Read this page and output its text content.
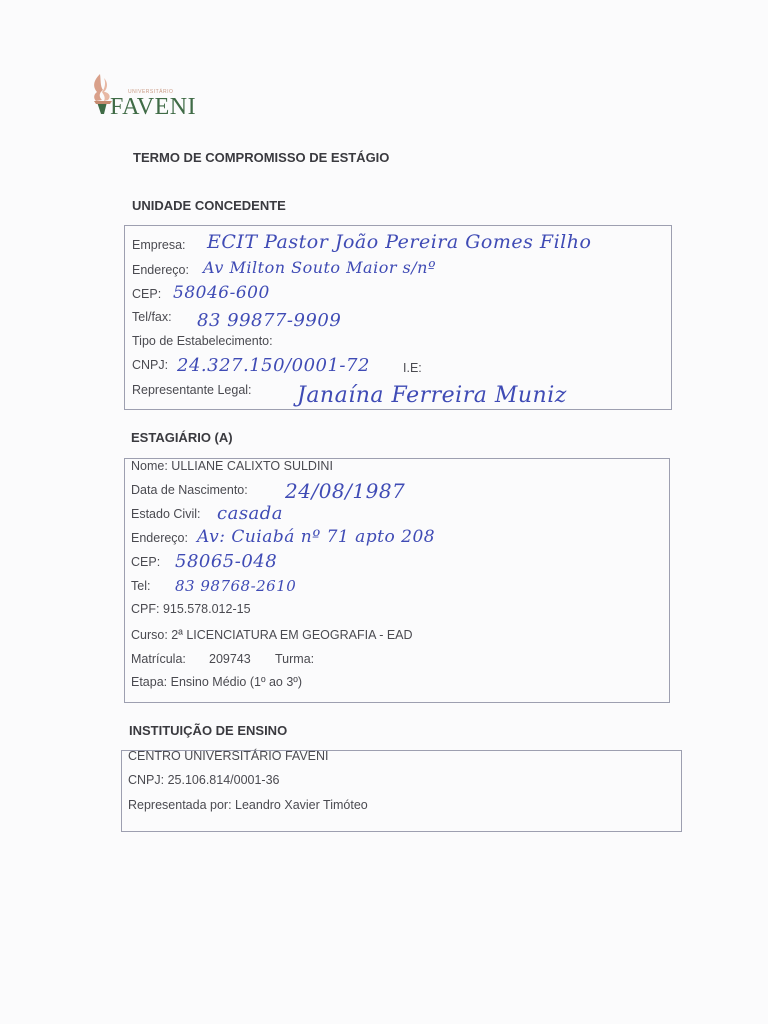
UNIVERSITÁRIO
FAVENI
TERMO DE COMPROMISSO DE ESTÁGIO
UNIDADE CONCEDENTE
Empresa: ECIT Pastor João Pereira Gomes Filho
Endereço: Av Milton Souto Maior s/nº
CEP: 58046-600
Tel/fax: 83 99877-9909
Tipo de Estabelecimento:
CNPJ: 24.327.150/0001-72	I.E:
Representante Legal: Janaína Ferreira Muniz
ESTAGIÁRIO (A)
Nome: ULLIANE CALIXTO SULDINI
Data de Nascimento: 24/08/1987
Estado Civil: casada
Endereço: Av: Cuiabá nº 71 apto 208
CEP: 58065-048
Tel: 83 98768-2610
CPF: 915.578.012-15
Curso: 2ª LICENCIATURA EM GEOGRAFIA - EAD
Matrícula: 209743 Turma:
Etapa: Ensino Médio (1º ao 3º)
INSTITUIÇÃO DE ENSINO
CENTRO UNIVERSITÁRIO FAVENI
CNPJ: 25.106.814/0001-36
Representada por: Leandro Xavier Timóteo
